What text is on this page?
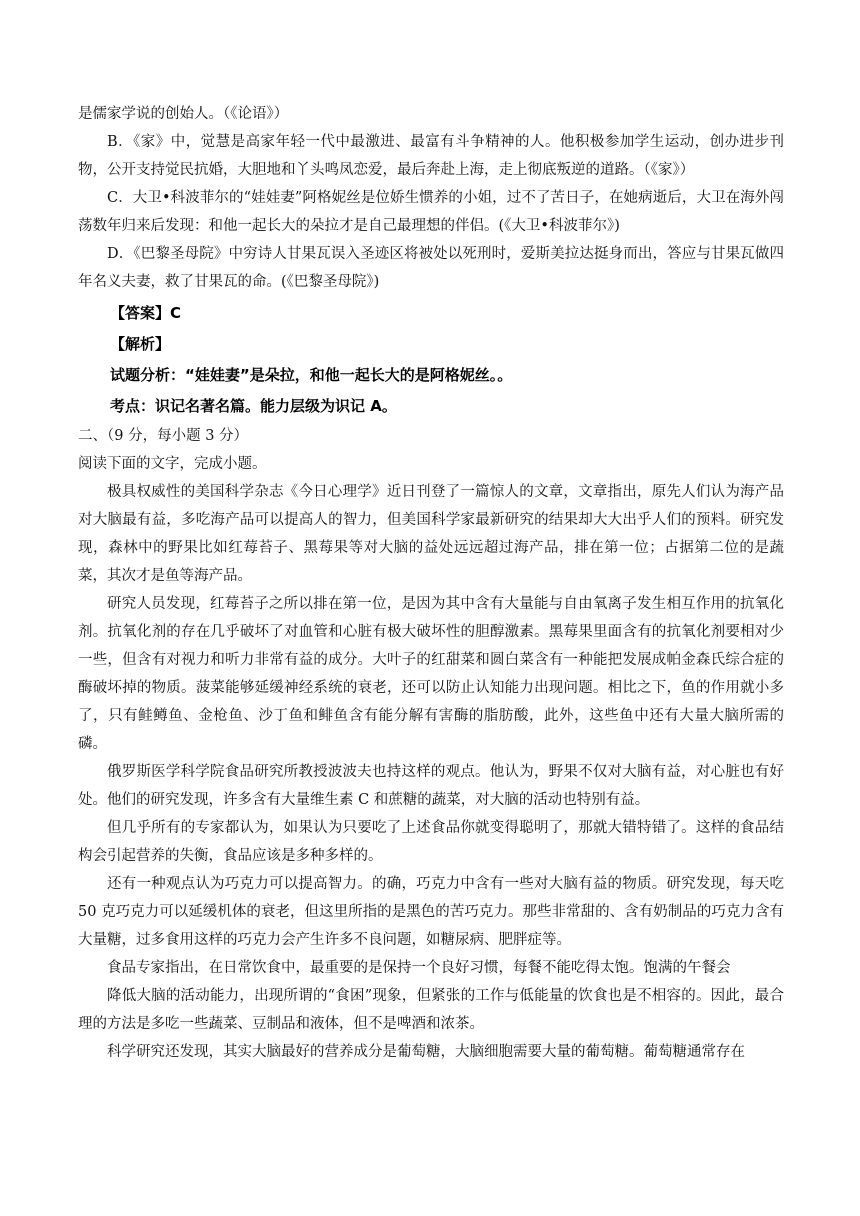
是儒家学说的创始人。（《论语》）

B．《家》中，觉慧是高家年轻一代中最激进、最富有斗争精神的人。他积极参加学生运动，创办进步刊物，公开支持觉民抗婚，大胆地和丫头鸣凤恋爱，最后奔赴上海，走上彻底叛逆的道路。（《家》）

C．大卫•科波菲尔的“娃娃妻”阿格妮丝是位娇生惯养的小姐，过不了苦日子，在她病逝后，大卫在海外闯荡数年归来后发现：和他一起长大的朵拉才是自己最理想的伴侣。(《大卫•科波菲尔》)

D．《巴黎圣母院》中穷诗人甘果瓦误入圣迹区将被处以死刑时，爱斯美拉达挺身而出，答应与甘果瓦做四年名义夫妻，救了甘果瓦的命。(《巴黎圣母院》)

【答案】C
【解析】
试题分析：“娃娃妻”是朵拉，和他一起长大的是阿格妮丝。。
考点：识记名著名篇。能力层级为识记 A。

二、（9 分，每小题 3 分）

阅读下面的文字，完成小题。

极具权威性的美国科学杂志《今日心理学》近日刊登了一篇惊人的文章，文章指出，原先人们认为海产品对大脑最有益，多吃海产品可以提高人的智力，但美国科学家最新研究的结果却大大出乎人们的预料。研究发现，森林中的野果比如红莓苔子、黑莓果等对大脑的益处远远超过海产品，排在第一位；占据第二位的是蔬菜，其次才是鱼等海产品。

研究人员发现，红莓苔子之所以排在第一位，是因为其中含有大量能与自由氧离子发生相互作用的抗氧化剂。抗氧化剂的存在几乎破坏了对血管和心脏有极大破坏性的胆醇激素。黑莓果里面含有的抗氧化剂要相对少一些，但含有对视力和听力非常有益的成分。大叶子的红甜菜和圆白菜含有一种能把发展成帕金森氏综合症的酶破坏掉的物质。菠菜能够延缓神经系统的衰老，还可以防止认知能力出现问题。相比之下，鱼的作用就小多了，只有鲑鳟鱼、金枪鱼、沙丁鱼和鲱鱼含有能分解有害酶的脂肪酸，此外，这些鱼中还有大量大脑所需的磷。

俄罗斯医学科学院食品研究所教授波波夫也持这样的观点。他认为，野果不仅对大脑有益，对心脏也有好处。他们的研究发现，许多含有大量维生素 C 和蔗糖的蔬菜，对大脑的活动也特别有益。

但几乎所有的专家都认为，如果认为只要吃了上述食品你就变得聪明了，那就大错特错了。这样的食品结构会引起营养的失衡，食品应该是多种多样的。

还有一种观点认为巧克力可以提高智力。的确，巧克力中含有一些对大脑有益的物质。研究发现，每天吃 50 克巧克力可以延缓机体的衰老，但这里所指的是黑色的苦巧克力。那些非常甜的、含有奶制品的巧克力含有大量糖，过多食用这样的巧克力会产生许多不良问题，如糖尿病、肥胖症等。

食品专家指出，在日常饮食中，最重要的是保持一个良好习惯，每餐不能吃得太饱。饱满的午餐会

降低大脑的活动能力，出现所谓的“食困”现象，但紧张的工作与低能量的饮食也是不相容的。因此，最合理的方法是多吃一些蔬菜、豆制品和液体，但不是啤酒和浓茶。

科学研究还发现，其实大脑最好的营养成分是葡萄糖，大脑细胞需要大量的葡萄糖。葡萄糖通常存在
